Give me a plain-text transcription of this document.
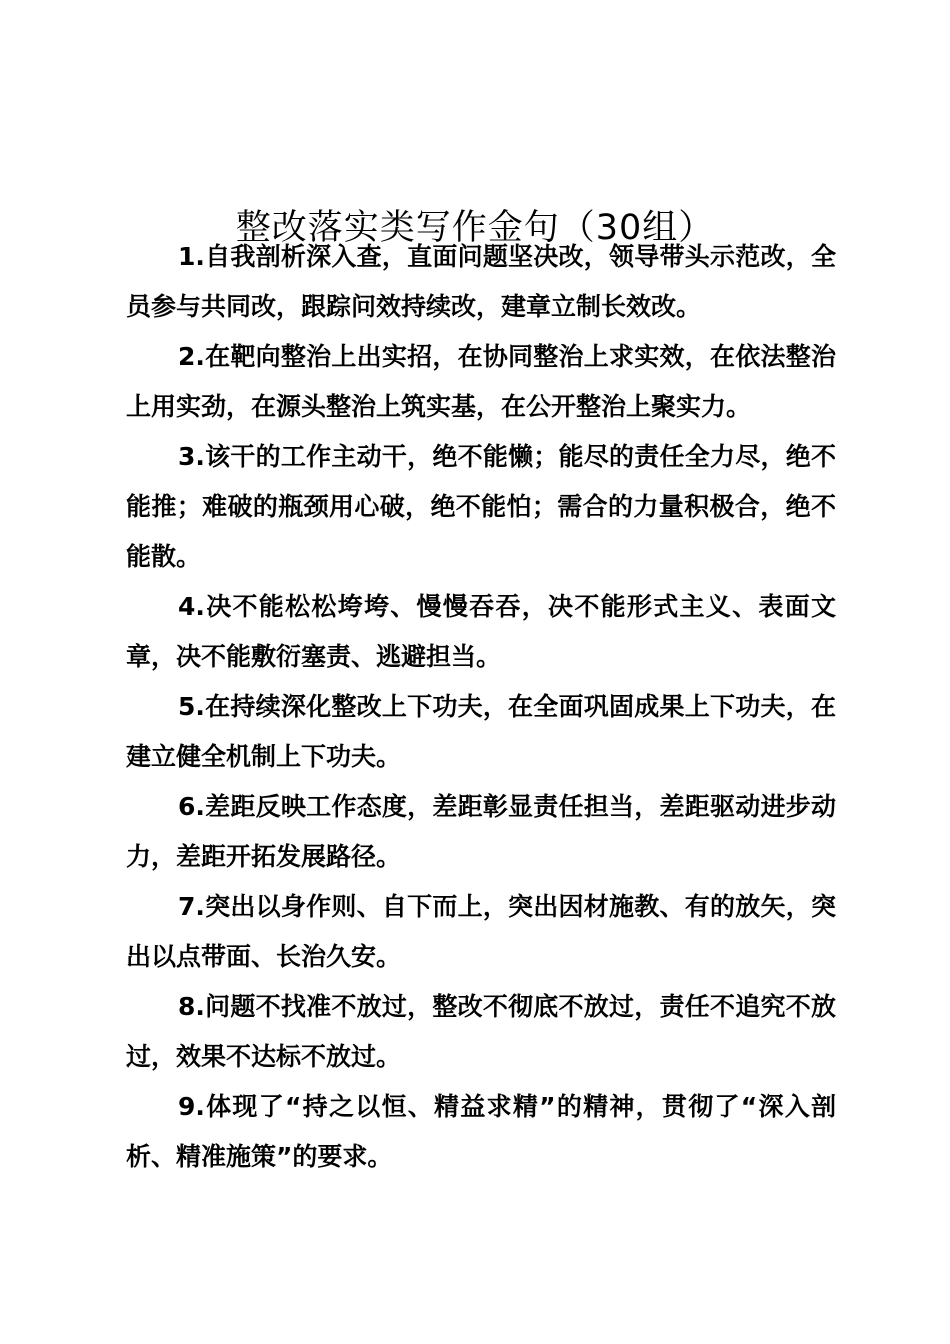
整改落实类写作金句（30组）

1.自我剖析深入查，直面问题坚决改，领导带头示范改，全员参与共同改，跟踪问效持续改，建章立制长效改。

2.在靶向整治上出实招，在协同整治上求实效，在依法整治上用实劲，在源头整治上筑实基，在公开整治上聚实力。

3.该干的工作主动干，绝不能懒；能尽的责任全力尽，绝不能推；难破的瓶颈用心破，绝不能怕；需合的力量积极合，绝不能散。

4.决不能松松垮垮、慢慢吞吞，决不能形式主义、表面文章，决不能敷衍塞责、逃避担当。

5.在持续深化整改上下功夫，在全面巩固成果上下功夫，在建立健全机制上下功夫。

6.差距反映工作态度，差距彰显责任担当，差距驱动进步动力，差距开拓发展路径。

7.突出以身作则、自下而上，突出因材施教、有的放矢，突出以点带面、长治久安。

8.问题不找准不放过，整改不彻底不放过，责任不追究不放过，效果不达标不放过。

9.体现了“持之以恒、精益求精”的精神，贯彻了“深入剖析、精准施策”的要求。
